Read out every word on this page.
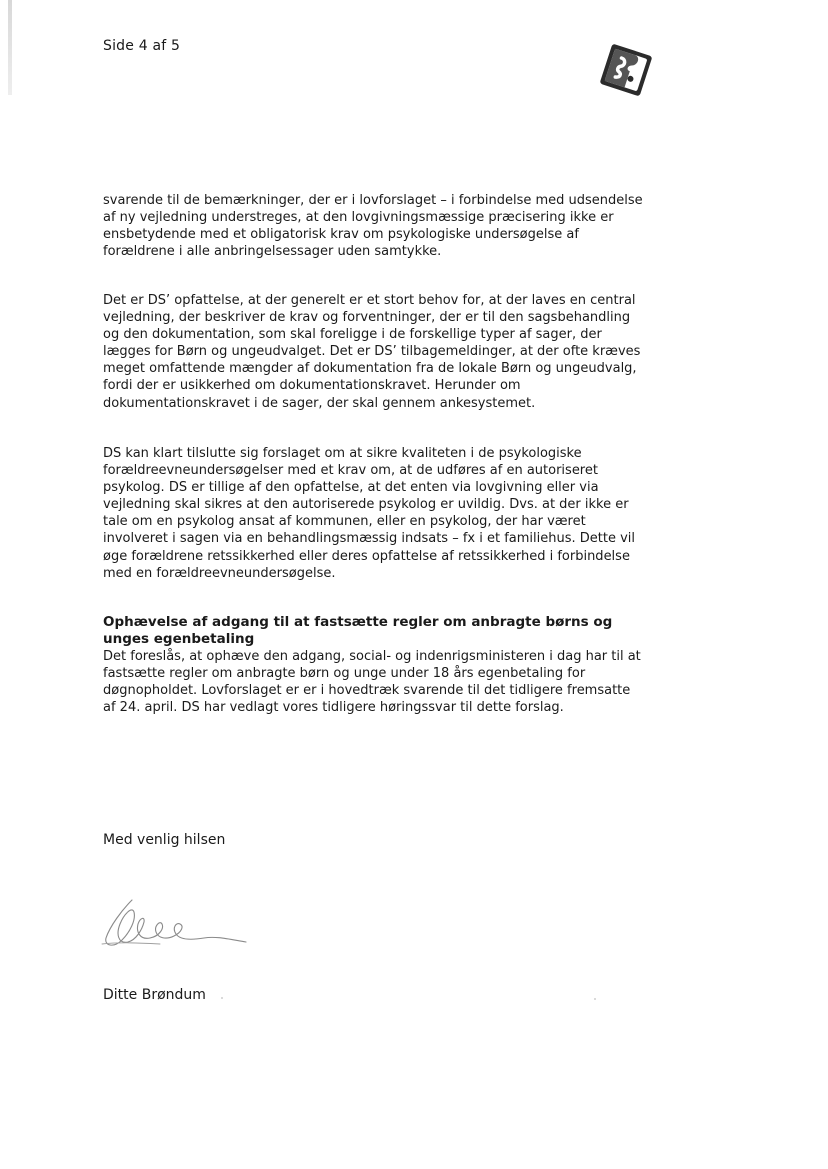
Side 4 af 5

svarende til de bemærkninger, der er i lovforslaget – i forbindelse med udsendelse af ny vejledning understreges, at den lovgivningsmæssige præcisering ikke er ensbetydende med et obligatorisk krav om psykologiske undersøgelse af forældrene i alle anbringelsessager uden samtykke.

Det er DS’ opfattelse, at der generelt er et stort behov for, at der laves en central vejledning, der beskriver de krav og forventninger, der er til den sagsbehandling og den dokumentation, som skal foreligge i de forskellige typer af sager, der lægges for Børn og ungeudvalget. Det er DS’ tilbagemeldinger, at der ofte kræves meget omfattende mængder af dokumentation fra de lokale Børn og ungeudvalg, fordi der er usikkerhed om dokumentationskravet. Herunder om dokumentationskravet i de sager, der skal gennem ankesystemet.

DS kan klart tilslutte sig forslaget om at sikre kvaliteten i de psykologiske forældreevneundersøgelser med et krav om, at de udføres af en autoriseret psykolog. DS er tillige af den opfattelse, at det enten via lovgivning eller via vejledning skal sikres at den autoriserede psykolog er uvildig. Dvs. at der ikke er tale om en psykolog ansat af kommunen, eller en psykolog, der har været involveret i sagen via en behandlingsmæssig indsats – fx i et familiehus. Dette vil øge forældrene retssikkerhed eller deres opfattelse af retssikkerhed i forbindelse med en forældreevneundersøgelse.

Ophævelse af adgang til at fastsætte regler om anbragte børns og unges egenbetaling

Det foreslås, at ophæve den adgang, social- og indenrigsministeren i dag har til at fastsætte regler om anbragte børn og unge under 18 års egenbetaling for døgnopholdet. Lovforslaget er er i hovedtræk svarende til det tidligere fremsatte af 24. april. DS har vedlagt vores tidligere høringssvar til dette forslag.

Med venlig hilsen
Ditte Brøndum
